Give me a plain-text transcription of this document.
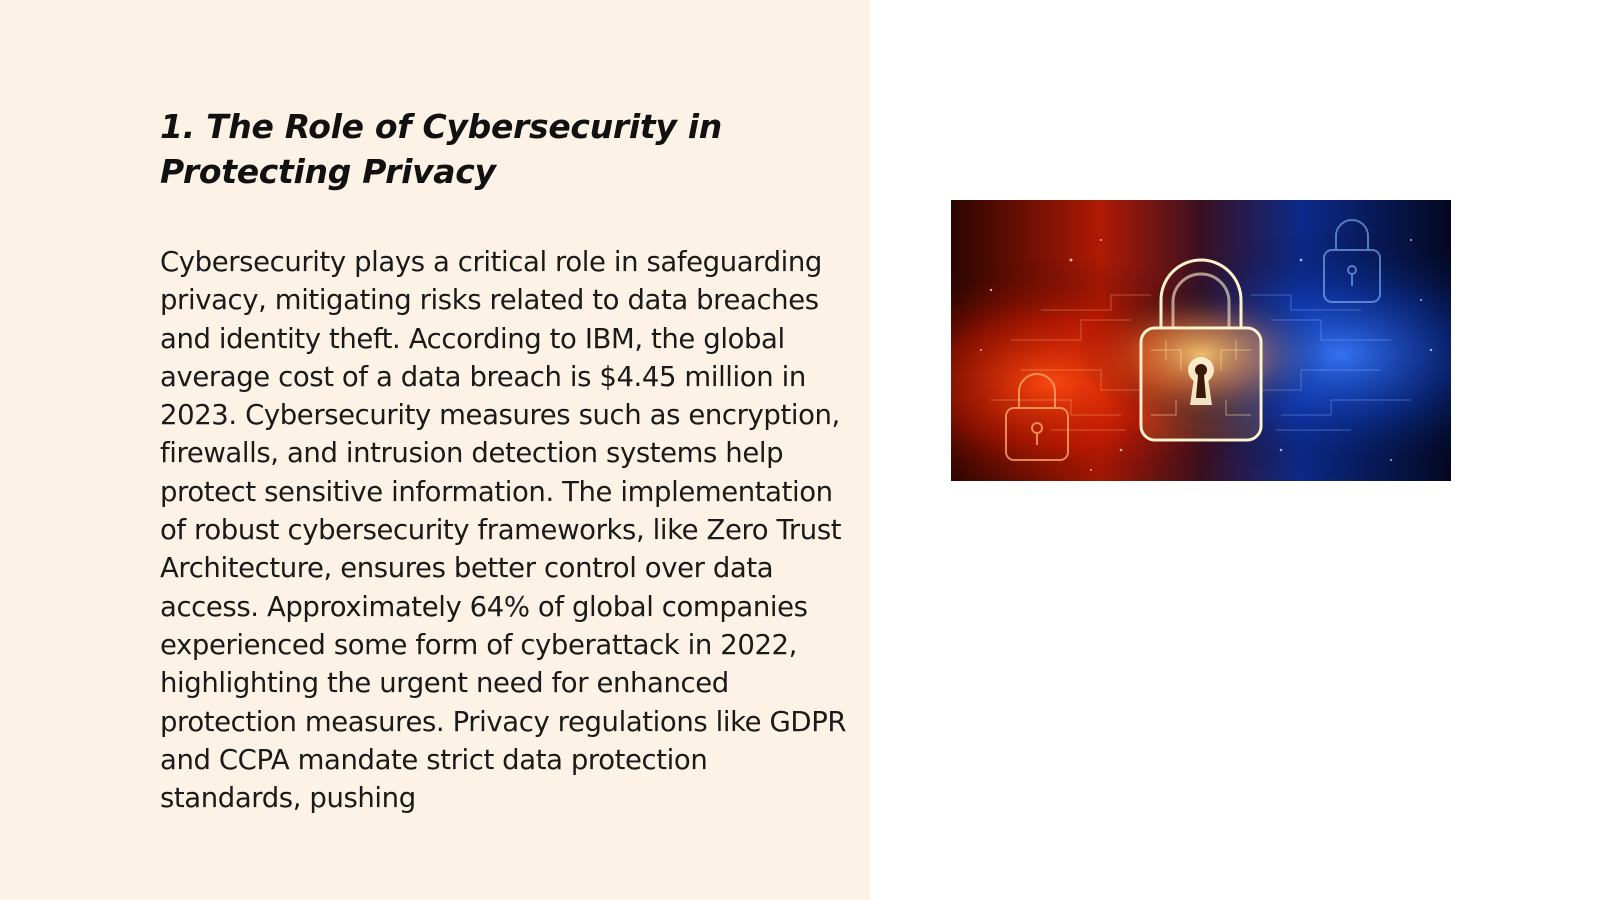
1. The Role of Cybersecurity in Protecting Privacy

Cybersecurity plays a critical role in safeguarding privacy, mitigating risks related to data breaches and identity theft. According to IBM, the global average cost of a data breach is $4.45 million in 2023. Cybersecurity measures such as encryption, firewalls, and intrusion detection systems help protect sensitive information. The implementation of robust cybersecurity frameworks, like Zero Trust Architecture, ensures better control over data access. Approximately 64% of global companies experienced some form of cyberattack in 2022, highlighting the urgent need for enhanced protection measures. Privacy regulations like GDPR and CCPA mandate strict data protection standards, pushing
